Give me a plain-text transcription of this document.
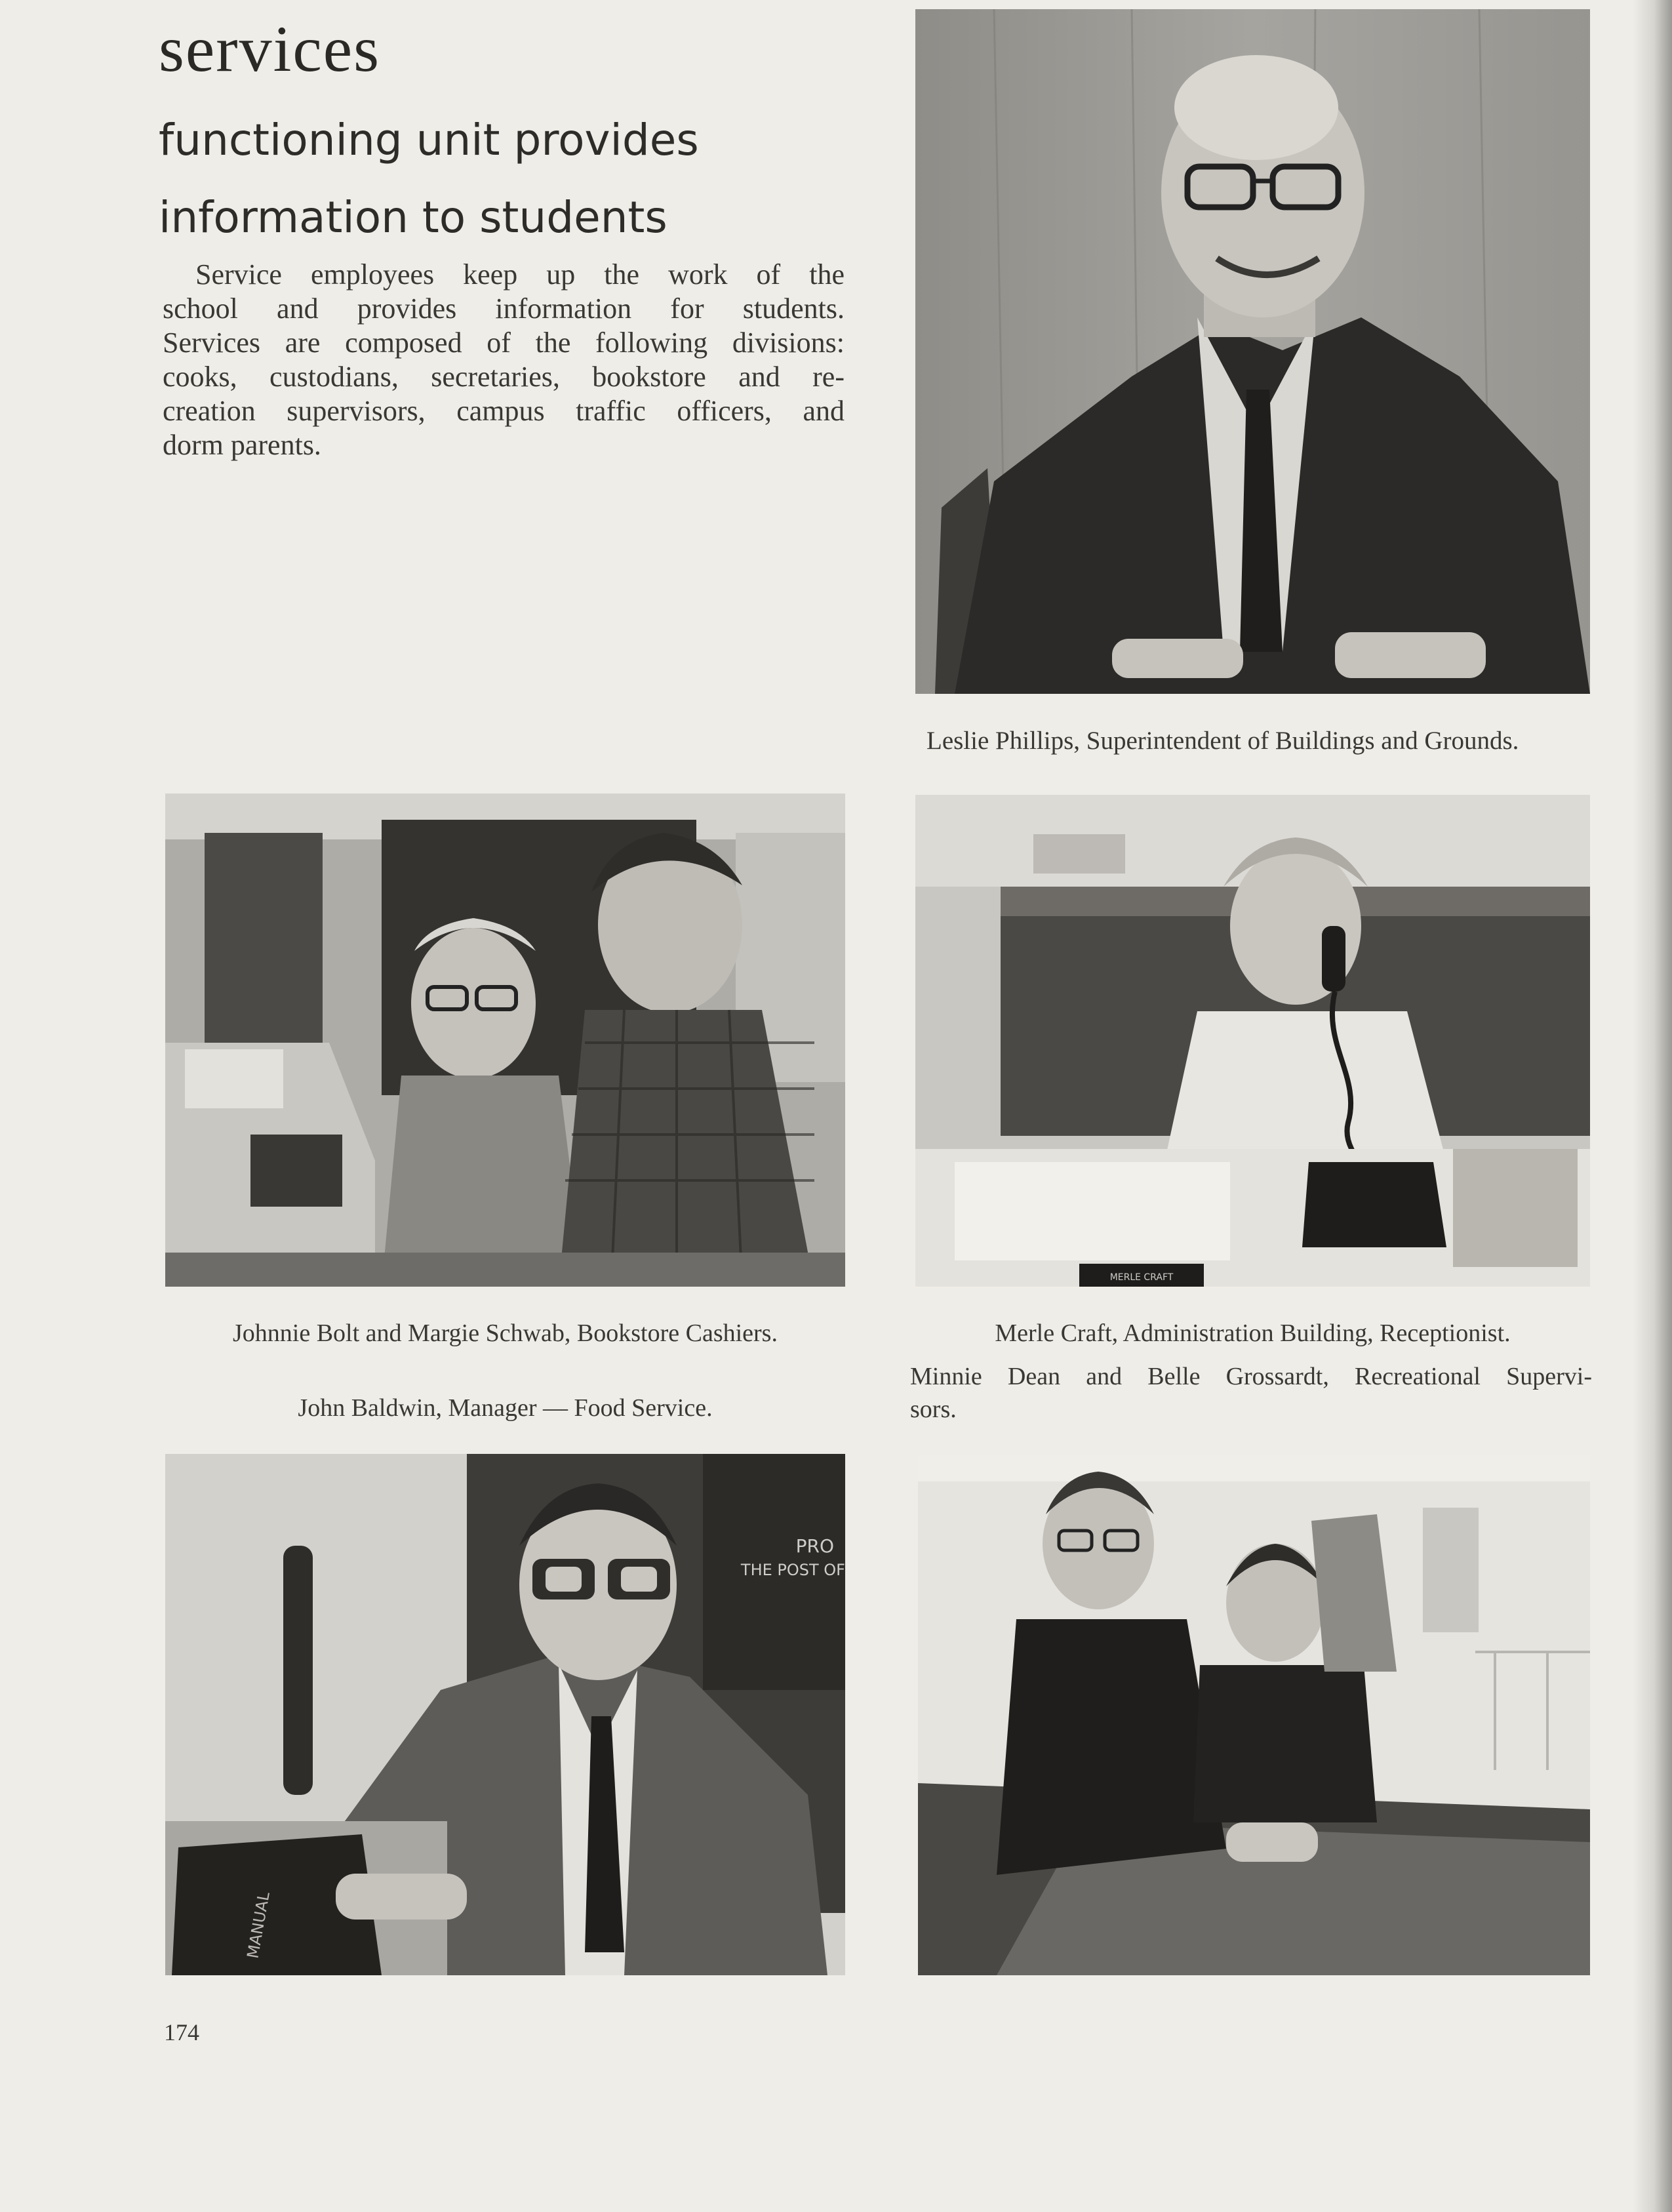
services
functioning unit provides
information to students
Service employees keep up the work of the
school and provides information for students.
Services are composed of the following divisions:
cooks, custodians, secretaries, bookstore and re-
creation supervisors, campus traffic officers, and
dorm parents.
Leslie Phillips, Superintendent of Buildings and Grounds.
MERLE CRAFT
Johnnie Bolt and Margie Schwab, Bookstore Cashiers.	Merle Craft, Administration Building, Receptionist.
John Baldwin, Manager — Food Service.
Minnie Dean and Belle Grossardt, Recreational Supervi-
sors.
PRO
THE POST OF
MANUAL
174
